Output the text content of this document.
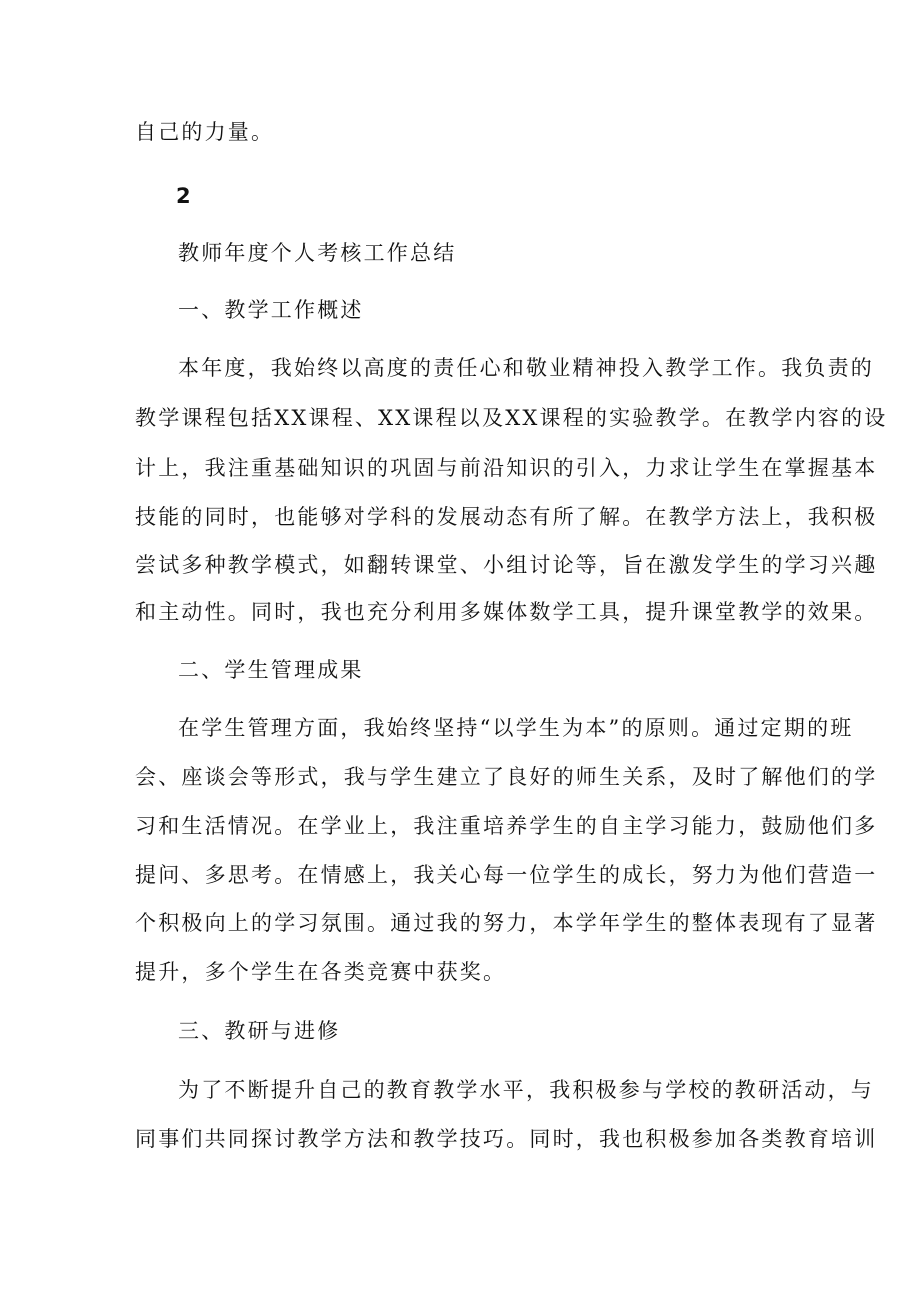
自己的力量。
2
教师年度个人考核工作总结
一、教学工作概述
本年度，我始终以高度的责任心和敬业精神投入教学工作。我负责的
教学课程包括XX课程、XX课程以及XX课程的实验教学。在教学内容的设
计上，我注重基础知识的巩固与前沿知识的引入，力求让学生在掌握基本
技能的同时，也能够对学科的发展动态有所了解。在教学方法上，我积极
尝试多种教学模式，如翻转课堂、小组讨论等，旨在激发学生的学习兴趣
和主动性。同时，我也充分利用多媒体数学工具，提升课堂教学的效果。
二、学生管理成果
在学生管理方面，我始终坚持“以学生为本”的原则。通过定期的班
会、座谈会等形式，我与学生建立了良好的师生关系，及时了解他们的学
习和生活情况。在学业上，我注重培养学生的自主学习能力，鼓励他们多
提问、多思考。在情感上，我关心每一位学生的成长，努力为他们营造一
个积极向上的学习氛围。通过我的努力，本学年学生的整体表现有了显著
提升，多个学生在各类竞赛中获奖。
三、教研与进修
为了不断提升自己的教育教学水平，我积极参与学校的教研活动，与
同事们共同探讨教学方法和教学技巧。同时，我也积极参加各类教育培训
